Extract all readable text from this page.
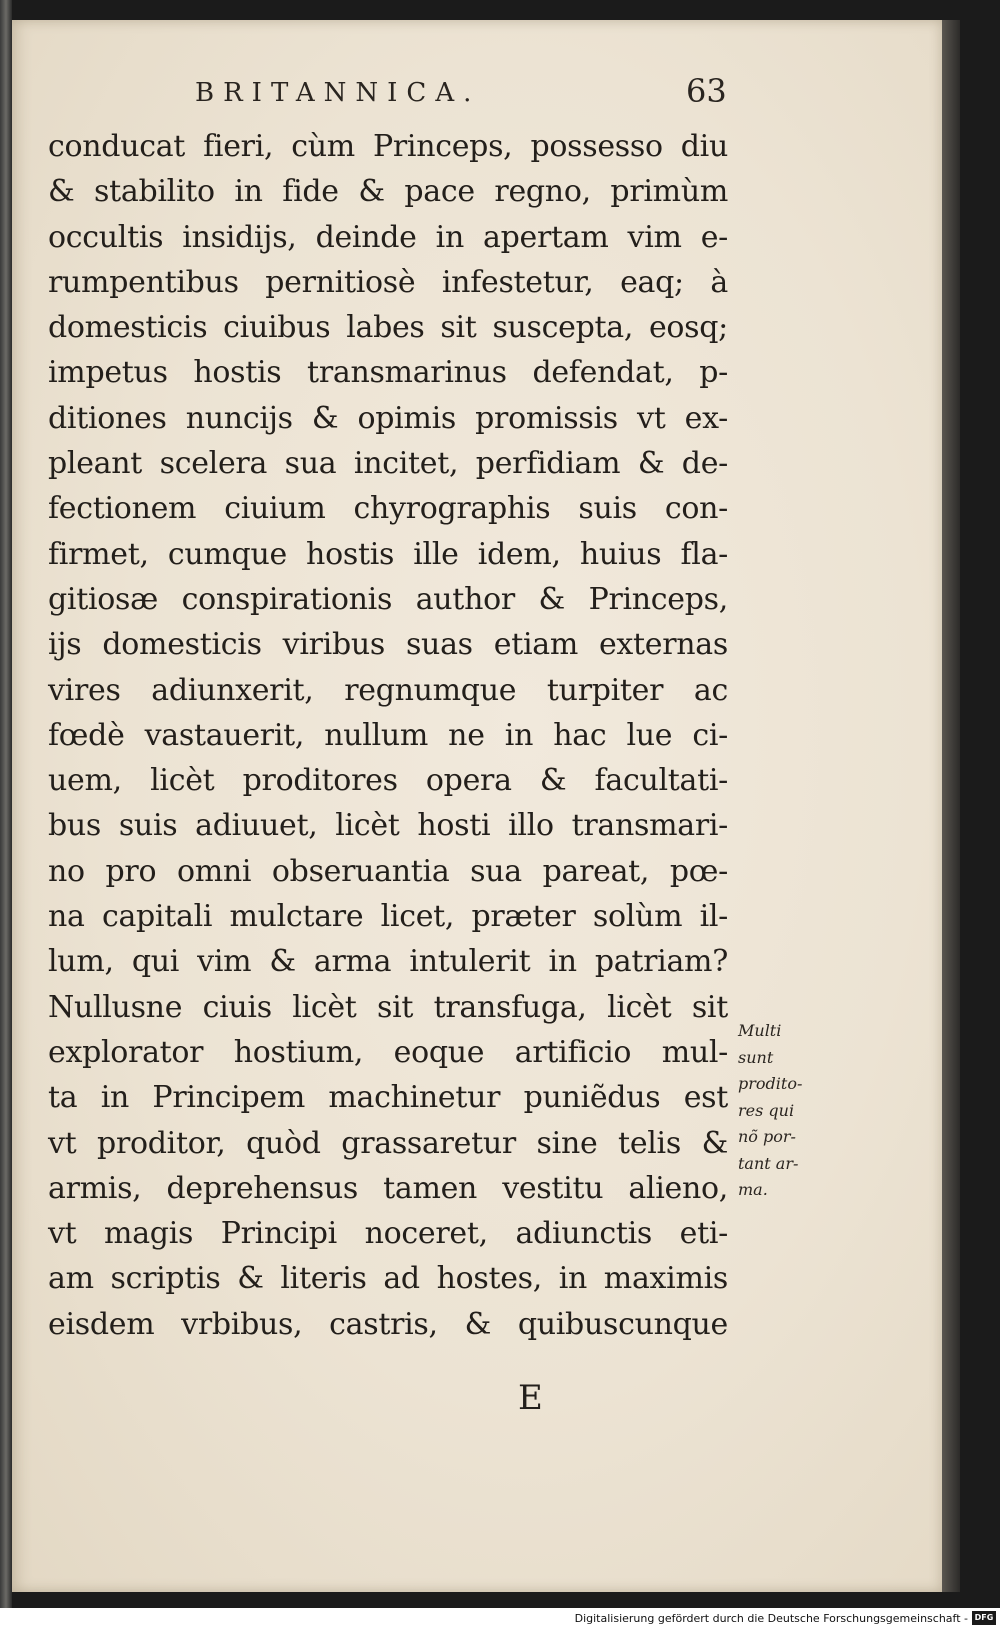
BRITANNICA.	63
conducat fieri, cùm Princeps, possesso diu
& stabilito in fide & pace regno, primùm
occultis insidijs, deinde in apertam vim e-
rumpentibus pernitiosè infestetur, eaq; à
domesticis ciuibus labes sit suscepta, eosq;
impetus hostis transmarinus defendat, p-
ditiones nuncijs & opimis promissis vt ex-
pleant scelera sua incitet, perfidiam & de-
fectionem ciuium chyrographis suis con-
firmet, cumque hostis ille idem, huius fla-
gitiosæ conspirationis author & Princeps,
ijs domesticis viribus suas etiam externas
vires adiunxerit, regnumque turpiter ac
fœdè vastauerit, nullum ne in hac lue ci-
uem, licèt proditores opera & facultati-
bus suis adiuuet, licèt hosti illo transmari-
no pro omni obseruantia sua pareat, pœ-
na capitali mulctare licet, præter solùm il-
lum, qui vim & arma intulerit in patriam?
Nullusne ciuis licèt sit transfuga, licèt sit
explorator hostium, eoque artificio mul-
ta in Principem machinetur puniẽdus est
vt proditor, quòd grassaretur sine telis &
armis, deprehensus tamen vestitu alieno,
vt magis Principi noceret, adiunctis eti-
am scriptis & literis ad hostes, in maximis
eisdem vrbibus, castris, & quibuscunque
E
Multi
sunt
prodito-
res qui
nõ por-
tant ar-
ma.
Digitalisierung gefördert durch die Deutsche Forschungsgemeinschaft - DFG
